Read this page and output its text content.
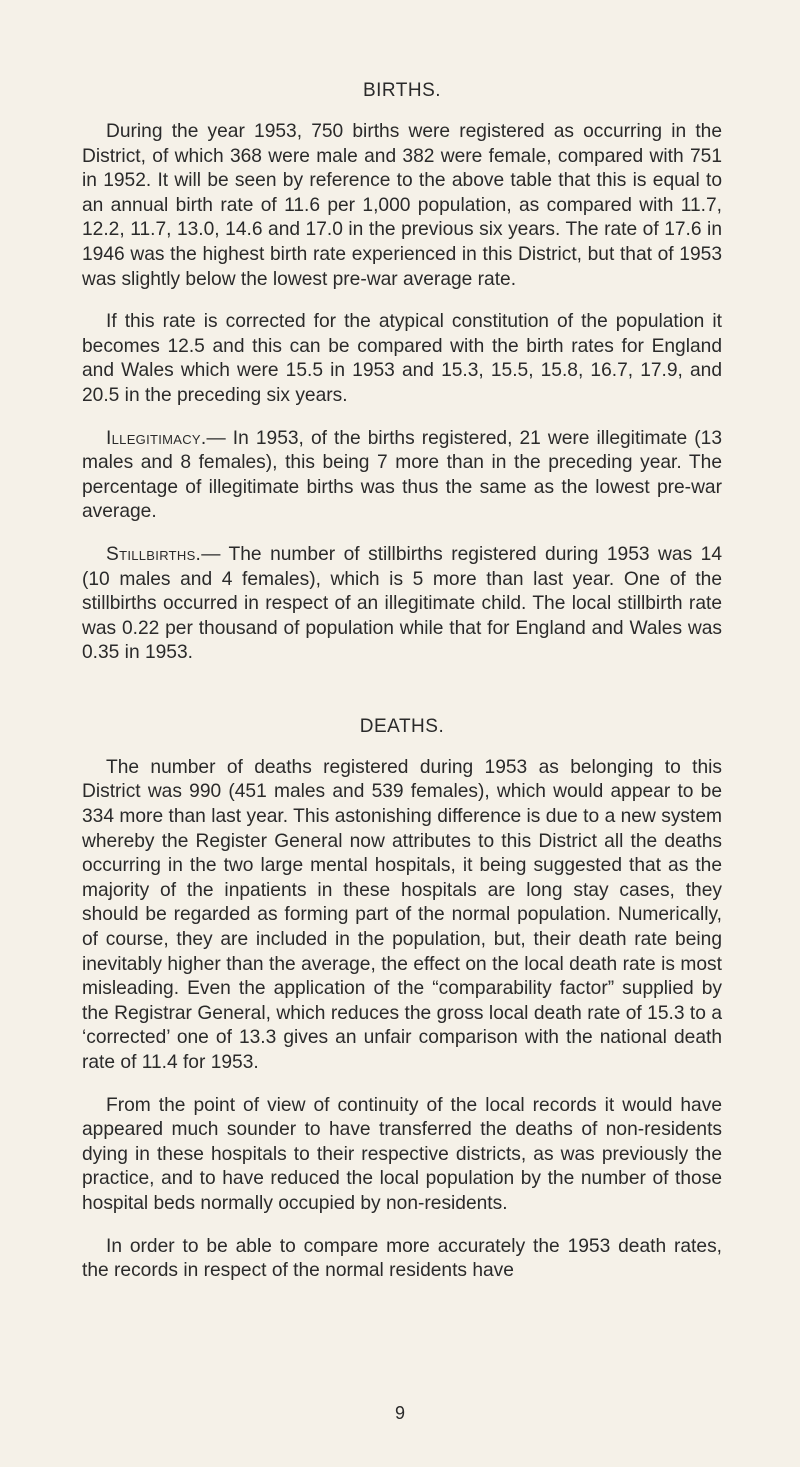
BIRTHS.

During the year 1953, 750 births were registered as occurring in the District, of which 368 were male and 382 were female, compared with 751 in 1952. It will be seen by reference to the above table that this is equal to an annual birth rate of 11.6 per 1,000 population, as compared with 11.7, 12.2, 11.7, 13.0, 14.6 and 17.0 in the previous six years. The rate of 17.6 in 1946 was the highest birth rate experienced in this District, but that of 1953 was slightly below the lowest pre-war average rate.

If this rate is corrected for the atypical constitution of the population it becomes 12.5 and this can be compared with the birth rates for England and Wales which were 15.5 in 1953 and 15.3, 15.5, 15.8, 16.7, 17.9, and 20.5 in the preceding six years.

Illegitimacy.— In 1953, of the births registered, 21 were illegitimate (13 males and 8 females), this being 7 more than in the preceding year. The percentage of illegitimate births was thus the same as the lowest pre-war average.

Stillbirths.— The number of stillbirths registered during 1953 was 14 (10 males and 4 females), which is 5 more than last year. One of the stillbirths occurred in respect of an illegitimate child. The local stillbirth rate was 0.22 per thousand of population while that for England and Wales was 0.35 in 1953.

DEATHS.

The number of deaths registered during 1953 as belonging to this District was 990 (451 males and 539 females), which would appear to be 334 more than last year. This astonishing difference is due to a new system whereby the Register General now attributes to this District all the deaths occurring in the two large mental hospitals, it being suggested that as the majority of the inpatients in these hospitals are long stay cases, they should be regarded as forming part of the normal population. Numerically, of course, they are included in the population, but, their death rate being inevitably higher than the average, the effect on the local death rate is most misleading. Even the application of the “comparability factor” supplied by the Registrar General, which reduces the gross local death rate of 15.3 to a ‘corrected’ one of 13.3 gives an unfair comparison with the national death rate of 11.4 for 1953.

From the point of view of continuity of the local records it would have appeared much sounder to have transferred the deaths of non-residents dying in these hospitals to their respective districts, as was previously the practice, and to have reduced the local population by the number of those hospital beds normally occupied by non-residents.

In order to be able to compare more accurately the 1953 death rates, the records in respect of the normal residents have

9
